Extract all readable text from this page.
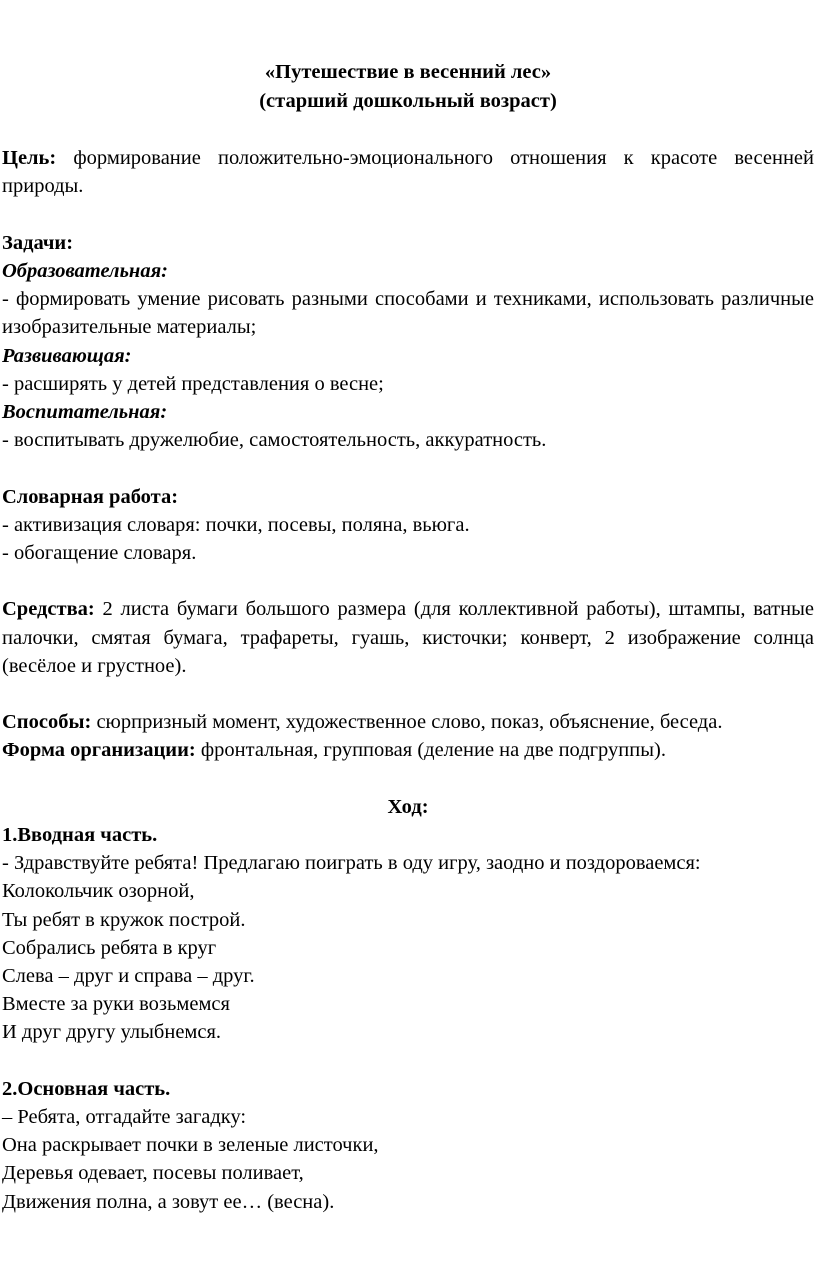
«Путешествие в весенний лес»
(старший дошкольный возраст)

Цель: формирование положительно-эмоционального отношения к красоте весенней природы.

Задачи:

Образовательная:

- формировать умение рисовать разными способами и техниками, использовать различные изобразительные материалы;

Развивающая:

- расширять у детей представления о весне;

Воспитательная:

- воспитывать дружелюбие, самостоятельность, аккуратность.

Словарная работа:

- активизация словаря: почки, посевы, поляна, вьюга.

- обогащение словаря.

Средства: 2 листа бумаги большого размера (для коллективной работы), штампы, ватные палочки, смятая бумага, трафареты, гуашь, кисточки; конверт, 2 изображение солнца (весёлое и грустное).

Способы: сюрпризный момент, художественное слово, показ, объяснение, беседа.

Форма организации: фронтальная, групповая (деление на две подгруппы).

Ход:

1.Вводная часть.

- Здравствуйте ребята! Предлагаю поиграть в оду игру, заодно и поздороваемся:

Колокольчик озорной,

Ты ребят в кружок построй.

Собрались ребята в круг

Слева – друг и справа – друг.

Вместе за руки возьмемся

И друг другу улыбнемся.

2.Основная часть.

– Ребята, отгадайте загадку:

Она раскрывает почки в зеленые листочки,

Деревья одевает, посевы поливает,

Движения полна, а зовут ее… (весна).
